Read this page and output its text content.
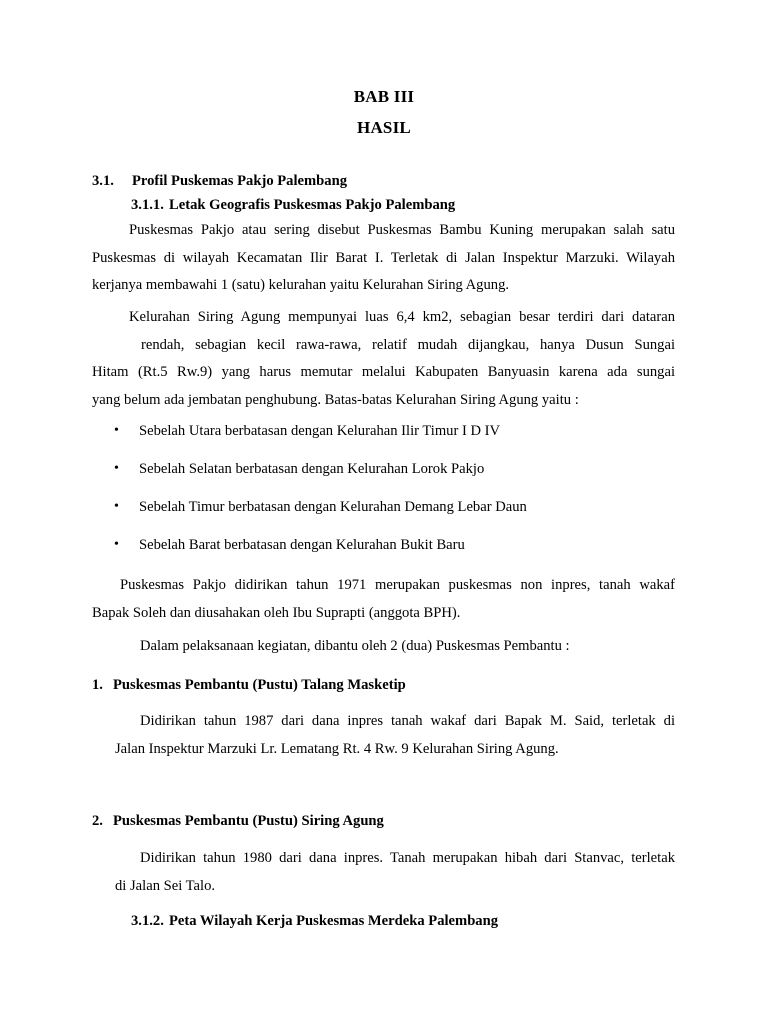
BAB III
HASIL
3.1. Profil Puskemas Pakjo Palembang
3.1.1. Letak Geografis Puskesmas Pakjo Palembang
Puskesmas Pakjo atau sering disebut Puskesmas Bambu Kuning merupakan salah satu
Puskesmas di wilayah Kecamatan Ilir Barat I. Terletak di Jalan Inspektur Marzuki. Wilayah
kerjanya membawahi 1 (satu) kelurahan yaitu Kelurahan Siring Agung.
Kelurahan Siring Agung mempunyai luas 6,4 km2, sebagian besar terdiri dari dataran
rendah, sebagian kecil rawa-rawa, relatif mudah dijangkau, hanya Dusun Sungai
Hitam (Rt.5 Rw.9) yang harus memutar melalui Kabupaten Banyuasin karena ada sungai
yang belum ada jembatan penghubung. Batas-batas Kelurahan Siring Agung yaitu :
•	Sebelah Utara berbatasan dengan Kelurahan Ilir Timur I D IV
•	Sebelah Selatan berbatasan dengan Kelurahan Lorok Pakjo
•	Sebelah Timur berbatasan dengan Kelurahan Demang Lebar Daun
•	Sebelah Barat berbatasan dengan Kelurahan Bukit Baru
Puskesmas Pakjo didirikan tahun 1971 merupakan puskesmas non inpres, tanah wakaf
Bapak Soleh dan diusahakan oleh Ibu Suprapti (anggota BPH).
Dalam pelaksanaan kegiatan, dibantu oleh 2 (dua) Puskesmas Pembantu :
1. Puskesmas Pembantu (Pustu) Talang Masketip
Didirikan tahun 1987 dari dana inpres tanah wakaf dari Bapak M. Said, terletak di
Jalan Inspektur Marzuki Lr. Lematang Rt. 4 Rw. 9 Kelurahan Siring Agung.
2. Puskesmas Pembantu (Pustu) Siring Agung
Didirikan tahun 1980 dari dana inpres. Tanah merupakan hibah dari Stanvac, terletak
di Jalan Sei Talo.
3.1.2. Peta Wilayah Kerja Puskesmas Merdeka Palembang
